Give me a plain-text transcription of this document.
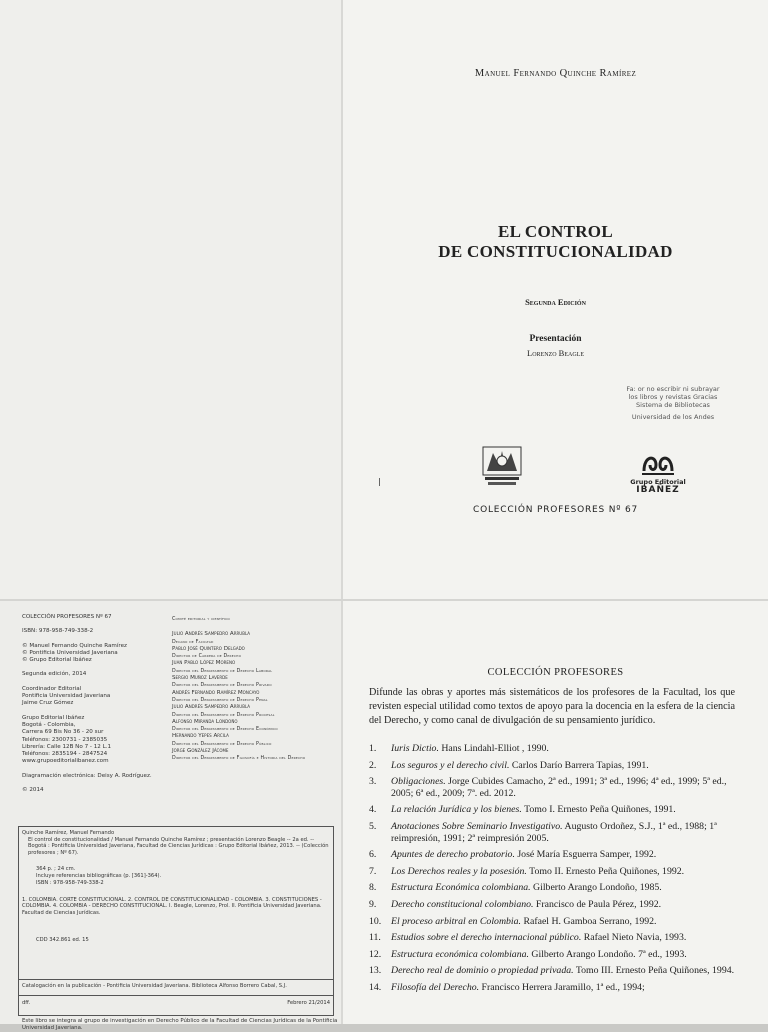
Manuel Fernando Quinche Ramírez
EL CONTROL
DE CONSTITUCIONALIDAD
Segunda Edición
Presentación
Lorenzo Beagle
Fa: or no escribir ni subrayar
los libros y revistas Gracias
Sistema de Bibliotecas
Universidad de los Andes
Grupo Editorial
IBAÑEZ
COLECCIÓN PROFESORES Nº 67
COLECCIÓN PROFESORES Nº 67
ISBN: 978-958-749-338-2
© Manuel Fernando Quinche Ramírez
© Pontificia Universidad Javeriana
© Grupo Editorial Ibáñez
Segunda edición, 2014
Coordinador Editorial
Pontificia Universidad Javeriana
Jaime Cruz Gómez
Grupo Editorial Ibáñez
Bogotá - Colombia,
Carrera 69 Bis No 36 - 20 sur
Teléfonos: 2300731 - 2385035
Librería: Calle 12B No 7 - 12 L.1
Teléfonos: 2835194 - 2847524
www.grupoeditorialibanez.com
Diagramación electrónica: Deisy A. Rodríguez.
© 2014
Comité editorial y científico
Julio Andrés Sampedro Arrubla
Decano de Facultad
Pablo José Quintero Delgado
Director de Carrera de Derecho
Juan Pablo López Moreno
Director del Departamento de Derecho Laboral
Sergio Muñoz Laverde
Director del Departamento de Derecho Privado
Andrés Fernando Ramírez Moncayo
Director del Departamento de Derecho Penal
Julio Andrés Sampedro Arrubla
Director del Departamento de Derecho Procesal
Alfonso Miranda Londoño
Director del Departamento de Derecho Económico
Hernando Yepes Arcila
Director del Departamento de Derecho Público
Jorge González Jácome
Director del Departamento de Filosofía e Historia del Derecho
Quinche Ramírez, Manuel Fernando
El control de constitucionalidad / Manuel Fernando Quinche Ramírez ; presentación Lorenzo Beagle -- 2a ed. -- Bogotá : Pontificia Universidad Javeriana, Facultad de Ciencias Jurídicas : Grupo Editorial Ibáñez, 2013. -- (Colección profesores ; Nº 67).
364 p. ; 24 cm.
Incluye referencias bibliográficas (p. [361]-364).
ISBN : 978-958-749-338-2
1. COLOMBIA. CORTE CONSTITUCIONAL. 2. CONTROL DE CONSTITUCIONALIDAD - COLOMBIA. 3. CONSTITUCIONES - COLOMBIA. 4. COLOMBIA - DERECHO CONSTITUCIONAL. I. Beagle, Lorenzo, Prol. II. Pontificia Universidad Javeriana. Facultad de Ciencias Jurídicas.
CDD 342.861 ed. 15
Catalogación en la publicación - Pontificia Universidad Javeriana. Biblioteca Alfonso Borrero Cabal, S.J.
dff.	Febrero 21/2014
Este libro se integra al grupo de investigación en Derecho Público de la Facultad de Ciencias Jurídicas de la Pontificia Universidad Javeriana.
COLECCIÓN PROFESORES
Difunde las obras y aportes más sistemáticos de los profesores de la Facultad, los que revisten especial utilidad como textos de apoyo para la docencia en la esfera de la ciencia del Derecho, y como canal de divulgación de su pensamiento jurídico.
1. Iuris Dictio. Hans Lindahl-Elliot , 1990.
2. Los seguros y el derecho civil. Carlos Darío Barrera Tapias, 1991.
3. Obligaciones. Jorge Cubides Camacho, 2ª ed., 1991; 3ª ed., 1996; 4ª ed., 1999; 5ª ed., 2005; 6ª ed., 2009; 7ª. ed. 2012.
4. La relación Jurídica y los bienes. Tomo I. Ernesto Peña Quiñones, 1991.
5. Anotaciones Sobre Seminario Investigativo. Augusto Ordoñez, S.J., 1ª ed., 1988; 1ª reimpresión, 1991; 2ª reimpresión 2005.
6. Apuntes de derecho probatorio. José María Esguerra Samper, 1992.
7. Los Derechos reales y la posesión. Tomo II. Ernesto Peña Quiñones, 1992.
8. Estructura Económica colombiana. Gilberto Arango Londoño, 1985.
9. Derecho constitucional colombiano. Francisco de Paula Pérez, 1992.
10. El proceso arbitral en Colombia. Rafael H. Gamboa Serrano, 1992.
11. Estudios sobre el derecho internacional público. Rafael Nieto Navia, 1993.
12. Estructura económica colombiana. Gilberto Arango Londoño. 7ª ed., 1993.
13. Derecho real de dominio o propiedad privada. Tomo III. Ernesto Peña Quiñones, 1994.
14. Filosofía del Derecho. Francisco Herrera Jaramillo, 1ª ed., 1994;
